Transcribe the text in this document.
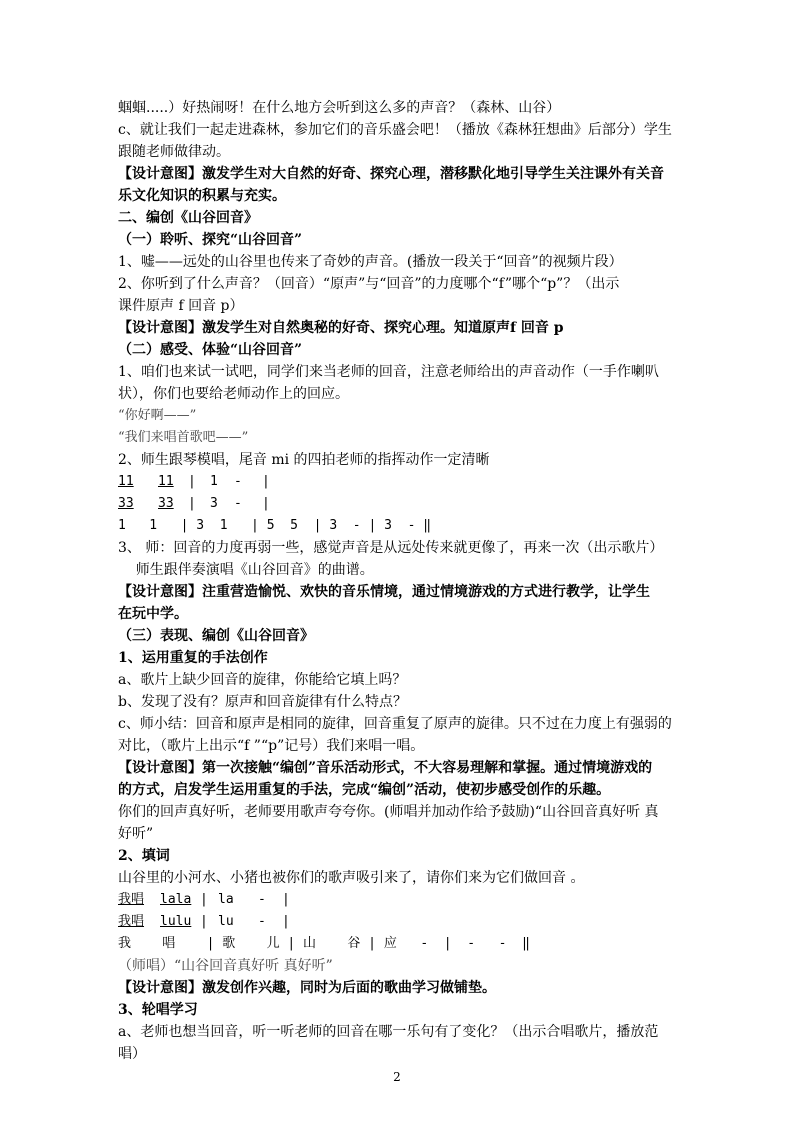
蝈蝈.....）好热闹呀！在什么地方会听到这么多的声音？（森林、山谷）
c、就让我们一起走进森林，参加它们的音乐盛会吧！（播放《森林狂想曲》后部分）学生
跟随老师做律动。
【设计意图】激发学生对大自然的好奇、探究心理，潜移默化地引导学生关注课外有关音
乐文化知识的积累与充实。
二、编创《山谷回音》
（一）聆听、探究“山谷回音”
1、嘘——远处的山谷里也传来了奇妙的声音。(播放一段关于“回音”的视频片段）
2、你听到了什么声音？（回音）“原声”与“回音”的力度哪个“f”哪个“p”？（出示
课件原声 f 回音 p）
【设计意图】激发学生对自然奥秘的好奇、探究心理。知道原声f 回音 p
（二）感受、体验“山谷回音”
1、咱们也来试一试吧，同学们来当老师的回音，注意老师给出的声音动作（一手作喇叭
状），你们也要给老师动作上的回应。
“你好啊——”
“我们来唱首歌吧——”
2、师生跟琴模唱，尾音 mi 的四拍老师的指挥动作一定清晰
11 11 | 1 - |
33 33 | 3 - |
1   1   | 3  1   | 5  5  | 3  - | 3  - ‖
3、 师：回音的力度再弱一些，感觉声音是从远处传来就更像了，再来一次（出示歌片）
师生跟伴奏演唱《山谷回音》的曲谱。
【设计意图】注重营造愉悦、欢快的音乐情境，通过情境游戏的方式进行教学，让学生
在玩中学。
（三）表现、编创《山谷回音》
1、运用重复的手法创作
a、歌片上缺少回音的旋律，你能给它填上吗？
b、发现了没有？原声和回音旋律有什么特点？
c、师小结：回音和原声是相同的旋律，回音重复了原声的旋律。只不过在力度上有强弱的
对比，（歌片上出示“f ”“p”记号）我们来唱一唱。
【设计意图】第一次接触“编创”音乐活动形式，不大容易理解和掌握。通过情境游戏的
的方式，启发学生运用重复的手法，完成“编创”活动，使初步感受创作的乐趣。
你们的回声真好听，老师要用歌声夸夸你。(师唱并加动作给予鼓励)“山谷回音真好听 真
好听”
2、填词
山谷里的小河水、小猪也被你们的歌声吸引来了，请你们来为它们做回音 。
我唱 lala | la - |
我唱 lulu | lu - |
我    唱    | 歌    儿 | 山    谷 | 应   -  |  -   -  ‖
（师唱）“山谷回音真好听 真好听”
【设计意图】激发创作兴趣，同时为后面的歌曲学习做铺垫。
3、轮唱学习
a、老师也想当回音，听一听老师的回音在哪一乐句有了变化？（出示合唱歌片，播放范
唱）
2
